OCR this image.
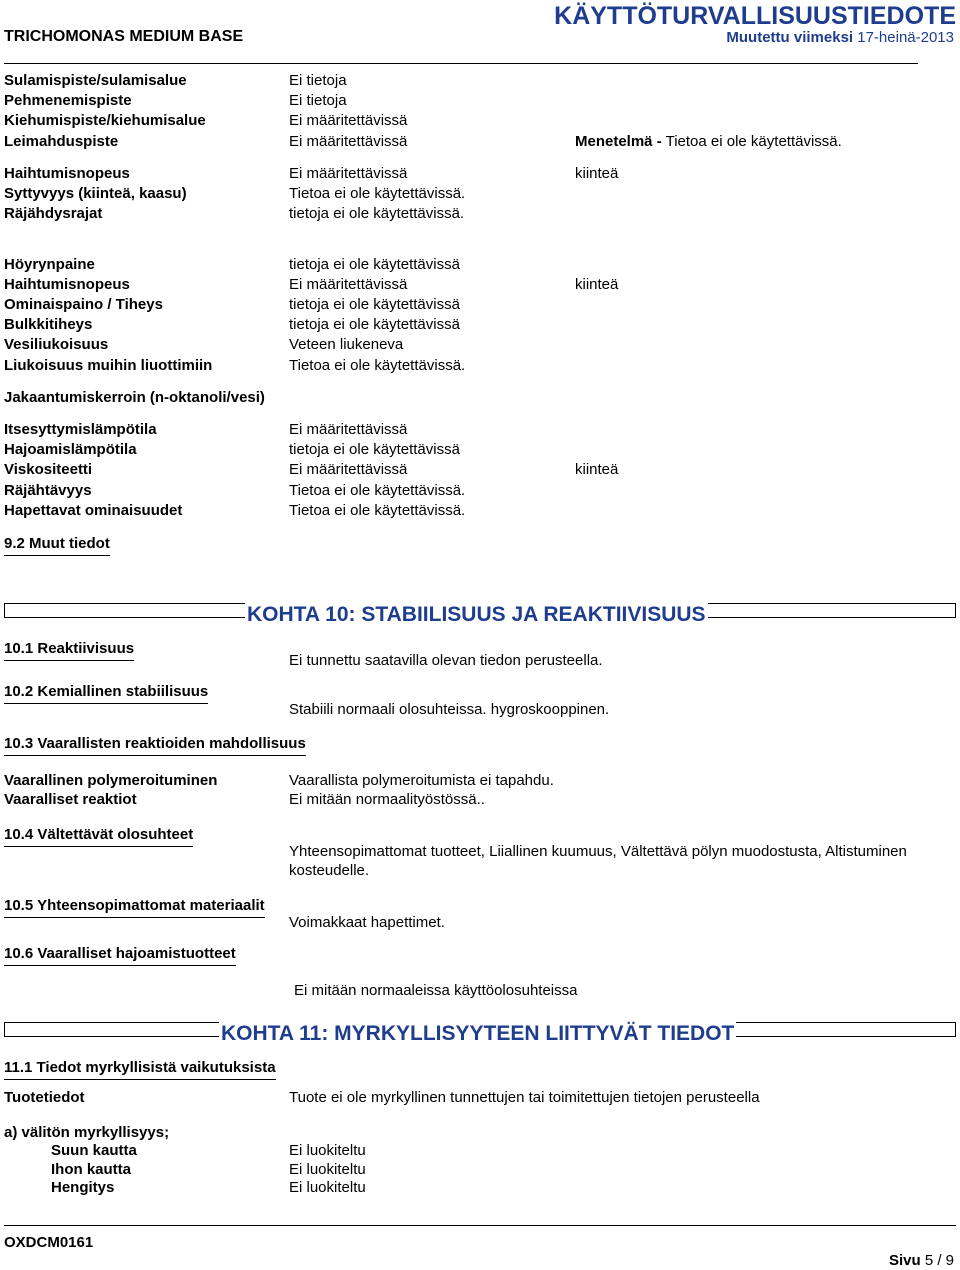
TRICHOMONAS MEDIUM BASE
KÄYTTÖTURVALLISUUSTIEDOTE
Muutettu viimeksi 17-heinä-2013
Sulamispiste/sulamisalue	Ei tietoja
Pehmenemispiste	Ei tietoja
Kiehumispiste/kiehumisalue	Ei määritettävissä
Leimahduspiste	Ei määritettävissä	Menetelmä - Tietoa ei ole käytettävissä.
Haihtumisnopeus	Ei määritettävissä	kiinteä
Syttyvyys (kiinteä, kaasu)	Tietoa ei ole käytettävissä.
Räjähdysrajat	tietoja ei ole käytettävissä.
Höyrynpaine	tietoja ei ole käytettävissä
Haihtumisnopeus	Ei määritettävissä	kiinteä
Ominaispaino / Tiheys	tietoja ei ole käytettävissä
Bulkkitiheys	tietoja ei ole käytettävissä
Vesiliukoisuus	Veteen liukeneva
Liukoisuus muihin liuottimiin	Tietoa ei ole käytettävissä.
Jakaantumiskerroin (n-oktanoli/vesi)
Itsesyttymislämpötila	Ei määritettävissä
Hajoamislämpötila	tietoja ei ole käytettävissä
Viskositeetti	Ei määritettävissä	kiinteä
Räjähtävyys	Tietoa ei ole käytettävissä.
Hapettavat ominaisuudet	Tietoa ei ole käytettävissä.
9.2 Muut tiedot
KOHTA 10: STABIILISUUS JA REAKTIIVISUUS
10.1 Reaktiivisuus
Ei tunnettu saatavilla olevan tiedon perusteella.
10.2 Kemiallinen stabiilisuus
Stabiili normaali olosuhteissa. hygroskooppinen.
10.3 Vaarallisten reaktioiden mahdollisuus
Vaarallinen polymeroituminen	Vaarallista polymeroitumista ei tapahdu.
Vaaralliset reaktiot	Ei mitään normaalityöstössä..
10.4 Vältettävät olosuhteet
Yhteensopimattomat tuotteet, Liiallinen kuumuus, Vältettävä pölyn muodostusta, Altistuminen
kosteudelle.
10.5 Yhteensopimattomat materiaalit
Voimakkaat hapettimet.
10.6 Vaaralliset hajoamistuotteet
Ei mitään normaaleissa käyttöolosuhteissa
KOHTA 11: MYRKYLLISYYTEEN LIITTYVÄT TIEDOT
11.1 Tiedot myrkyllisistä vaikutuksista
Tuotetiedot	Tuote ei ole myrkyllinen tunnettujen tai toimitettujen tietojen perusteella
a) välitön myrkyllisyys;
Suun kautta	Ei luokiteltu
Ihon kautta	Ei luokiteltu
Hengitys	Ei luokiteltu
OXDCM0161
Sivu 5 / 9
